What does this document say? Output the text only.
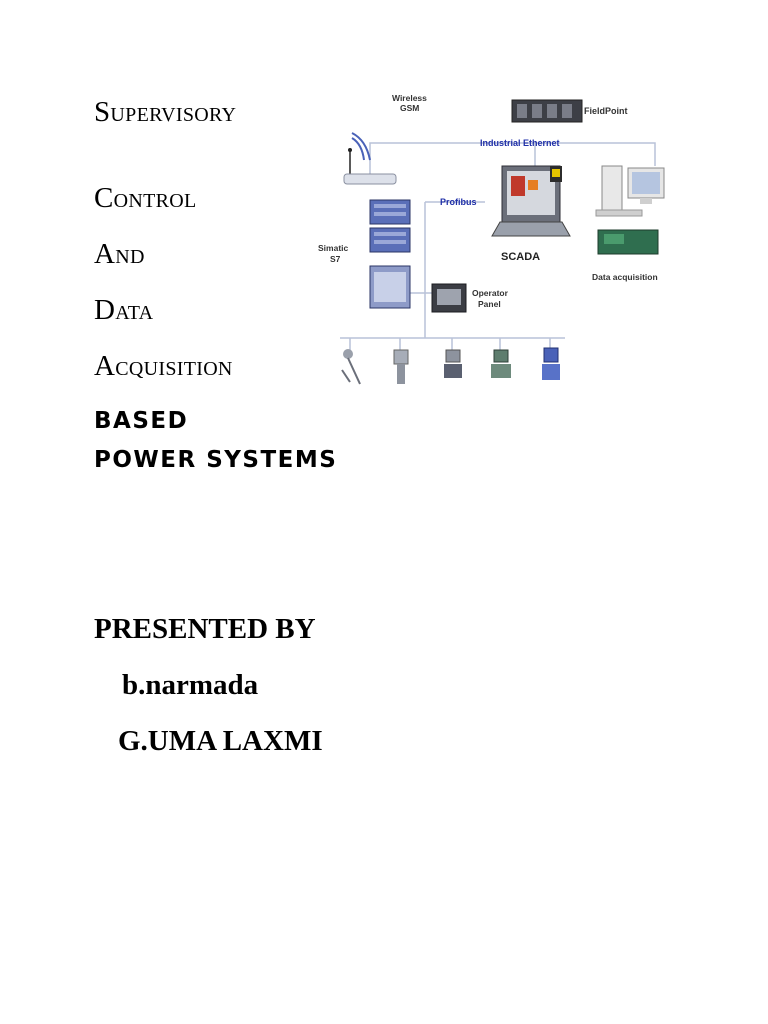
Supervisory
Control
And
Data
Acquisition
BASED
POWER SYSTEMS
PRESENTED BY
b.narmada
G.UMA LAXMI
Wireless
GSM	FieldPoint
Industrial Ethernet
Simatic
S7
Profibus
SCADA
Data acquisition
Operator
Panel
